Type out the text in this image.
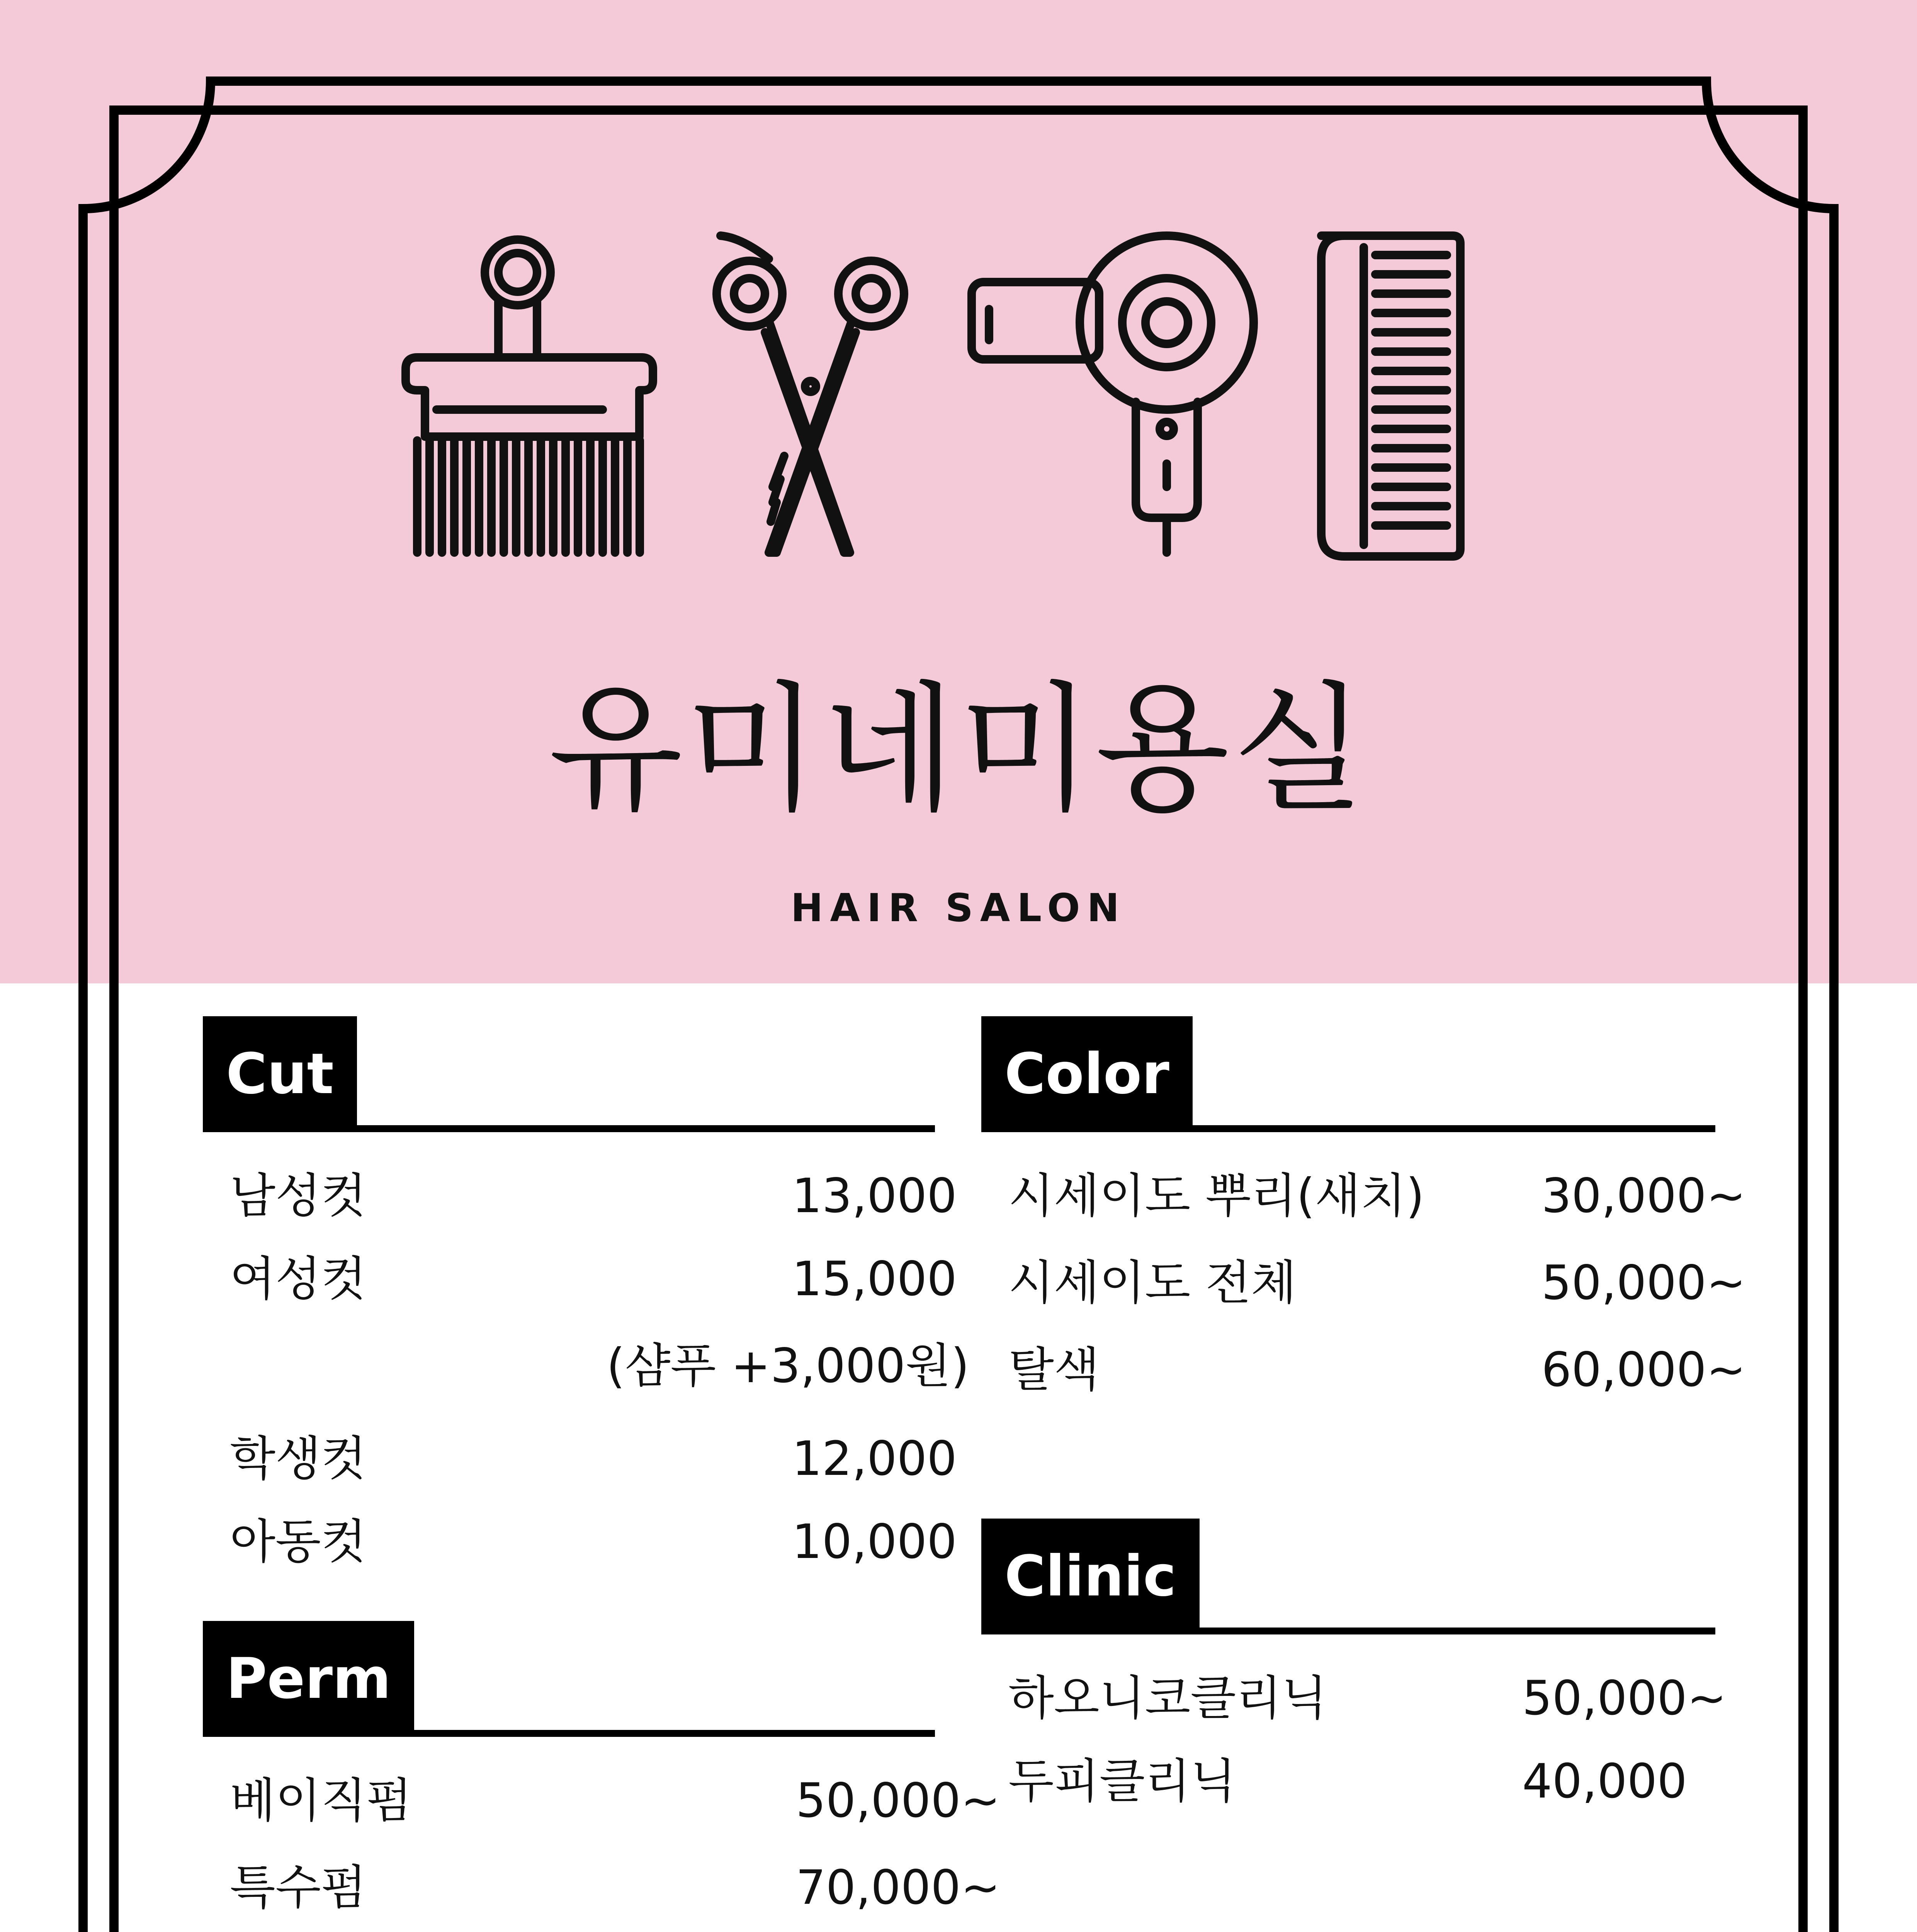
유미네미용실
HAIR SALON
Cut
남성컷	13,000
여성컷	15,000
(샴푸 +3,000원)
학생컷	12,000
아동컷	10,000
Perm
베이직펌	50,000~
특수펌	70,000~
Color
시세이도 뿌리(새치) 30,000~
시세이도 전체	50,000~
탈색	60,000~
Clinic
하오니코클리닉	50,000~
두피클리닉	40,000
